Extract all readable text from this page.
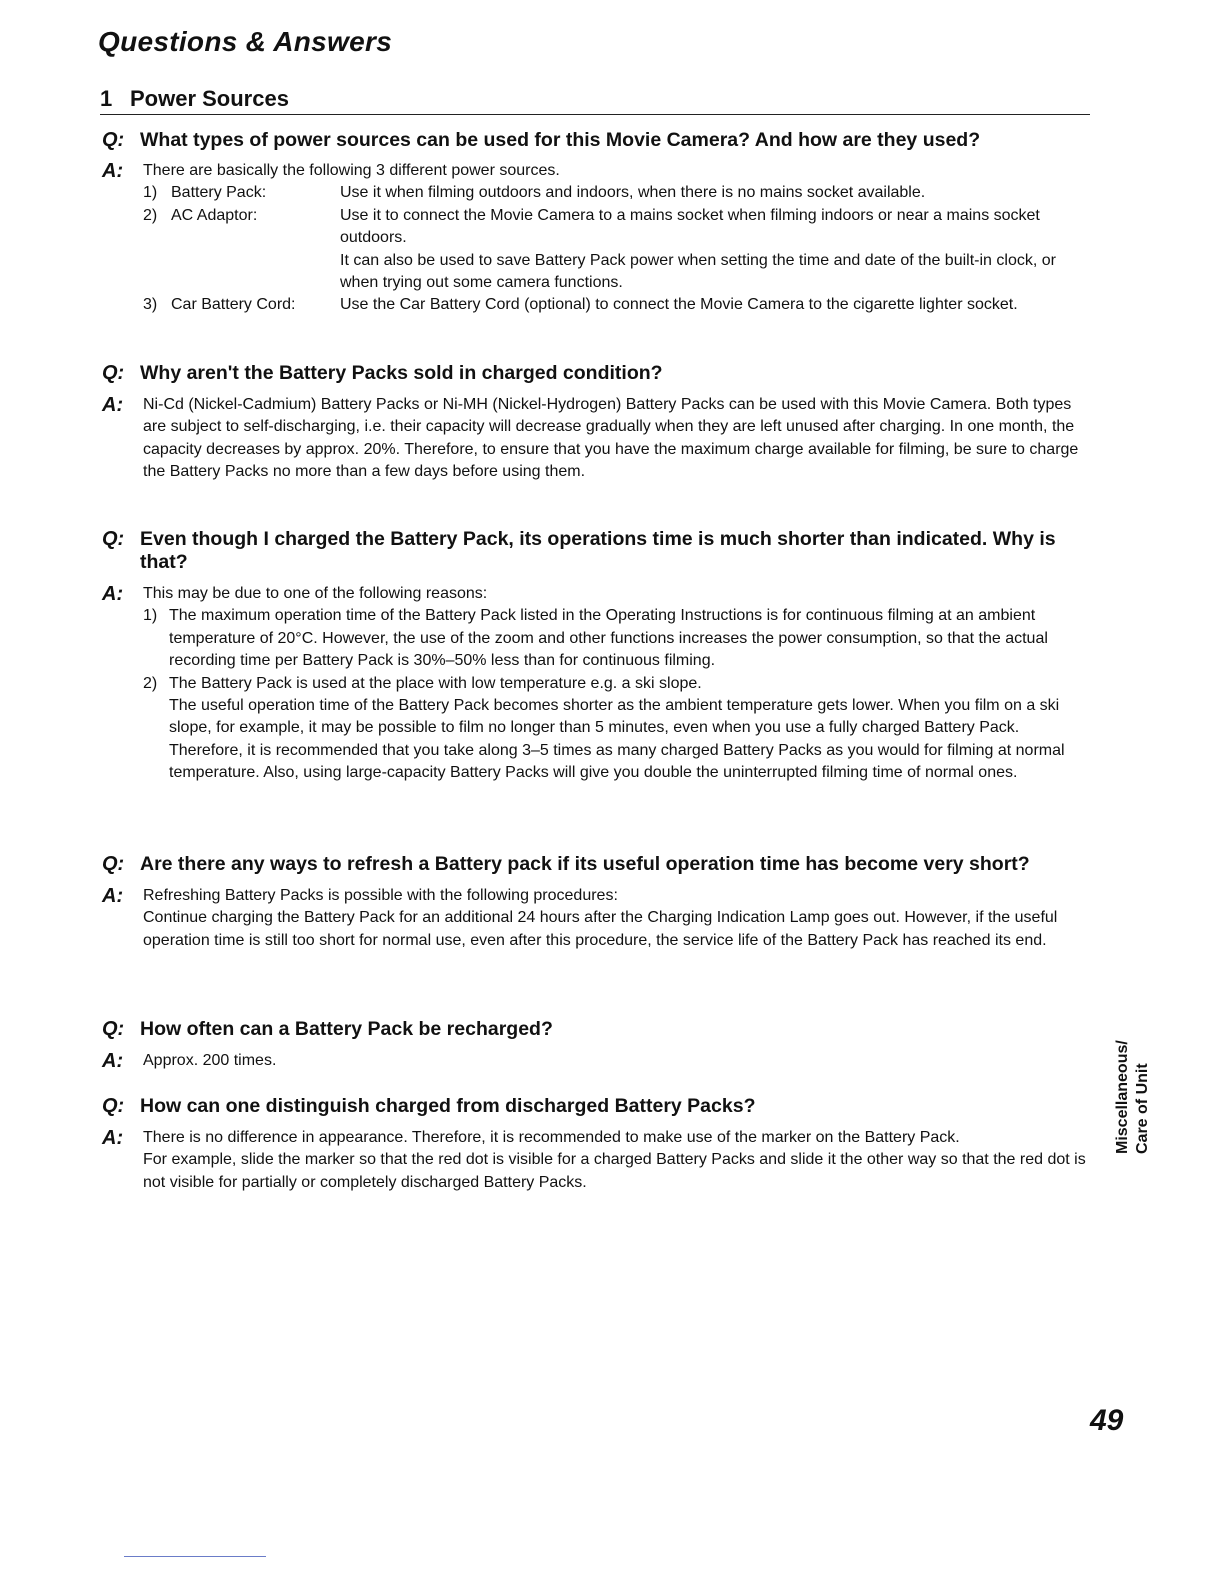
Questions & Answers
1 Power Sources
Q: What types of power sources can be used for this Movie Camera? And how are they used?
A: There are basically the following 3 different power sources.
1) Battery Pack:	Use it when filming outdoors and indoors, when there is no mains socket available.
2) AC Adaptor:	Use it to connect the Movie Camera to a mains socket when filming indoors or near a mains socket outdoors.
It can also be used to save Battery Pack power when setting the time and date of the built-in clock, or when trying out some camera functions.
3) Car Battery Cord:	Use the Car Battery Cord (optional) to connect the Movie Camera to the cigarette lighter socket.
Q: Why aren't the Battery Packs sold in charged condition?
A: Ni-Cd (Nickel-Cadmium) Battery Packs or Ni-MH (Nickel-Hydrogen) Battery Packs can be used with this Movie Camera. Both types are subject to self-discharging, i.e. their capacity will decrease gradually when they are left unused after charging. In one month, the capacity decreases by approx. 20%. Therefore, to ensure that you have the maximum charge available for filming, be sure to charge the Battery Packs no more than a few days before using them.
Q: Even though I charged the Battery Pack, its operations time is much shorter than indicated. Why is that?
A: This may be due to one of the following reasons:
1) The maximum operation time of the Battery Pack listed in the Operating Instructions is for continuous filming at an ambient temperature of 20°C. However, the use of the zoom and other functions increases the power consumption, so that the actual recording time per Battery Pack is 30%–50% less than for continuous filming.
2) The Battery Pack is used at the place with low temperature e.g. a ski slope.
The useful operation time of the Battery Pack becomes shorter as the ambient temperature gets lower. When you film on a ski slope, for example, it may be possible to film no longer than 5 minutes, even when you use a fully charged Battery Pack. Therefore, it is recommended that you take along 3–5 times as many charged Battery Packs as you would for filming at normal temperature. Also, using large-capacity Battery Packs will give you double the uninterrupted filming time of normal ones.
Q: Are there any ways to refresh a Battery pack if its useful operation time has become very short?
A: Refreshing Battery Packs is possible with the following procedures:
Continue charging the Battery Pack for an additional 24 hours after the Charging Indication Lamp goes out. However, if the useful operation time is still too short for normal use, even after this procedure, the service life of the Battery Pack has reached its end.
Q: How often can a Battery Pack be recharged?
A: Approx. 200 times.
Q: How can one distinguish charged from discharged Battery Packs?
A: There is no difference in appearance. Therefore, it is recommended to make use of the marker on the Battery Pack.
For example, slide the marker so that the red dot is visible for a charged Battery Packs and slide it the other way so that the red dot is not visible for partially or completely discharged Battery Packs.
Miscellaneous/ Care of Unit
49
